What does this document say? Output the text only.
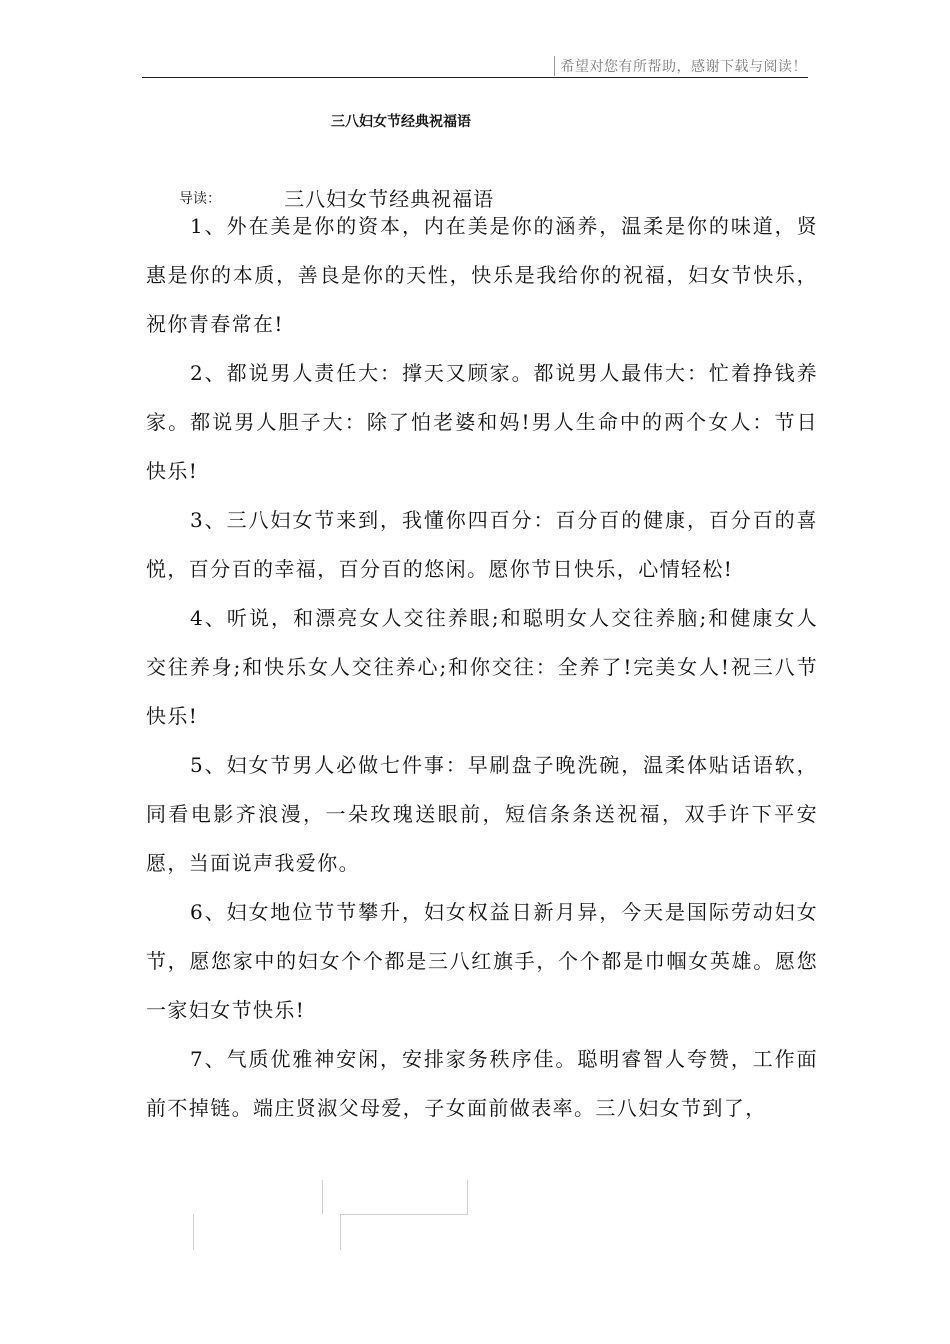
希望对您有所帮助，感谢下载与阅读！
三八妇女节经典祝福语
导读：	三八妇女节经典祝福语

1、外在美是你的资本，内在美是你的涵养，温柔是你的味道，贤惠是你的本质，善良是你的天性，快乐是我给你的祝福，妇女节快乐，祝你青春常在!

2、都说男人责任大：撑天又顾家。都说男人最伟大：忙着挣钱养家。都说男人胆子大：除了怕老婆和妈!男人生命中的两个女人：节日快乐!

3、三八妇女节来到，我懂你四百分：百分百的健康，百分百的喜悦，百分百的幸福，百分百的悠闲。愿你节日快乐，心情轻松!

4、听说，和漂亮女人交往养眼;和聪明女人交往养脑;和健康女人交往养身;和快乐女人交往养心;和你交往：全养了!完美女人!祝三八节快乐!

5、妇女节男人必做七件事：早刷盘子晚洗碗，温柔体贴话语软，同看电影齐浪漫，一朵玫瑰送眼前，短信条条送祝福，双手许下平安愿，当面说声我爱你。

6、妇女地位节节攀升，妇女权益日新月异，今天是国际劳动妇女节，愿您家中的妇女个个都是三八红旗手，个个都是巾帼女英雄。愿您一家妇女节快乐!

7、气质优雅神安闲，安排家务秩序佳。聪明睿智人夸赞，工作面前不掉链。端庄贤淑父母爱，子女面前做表率。三八妇女节到了，
